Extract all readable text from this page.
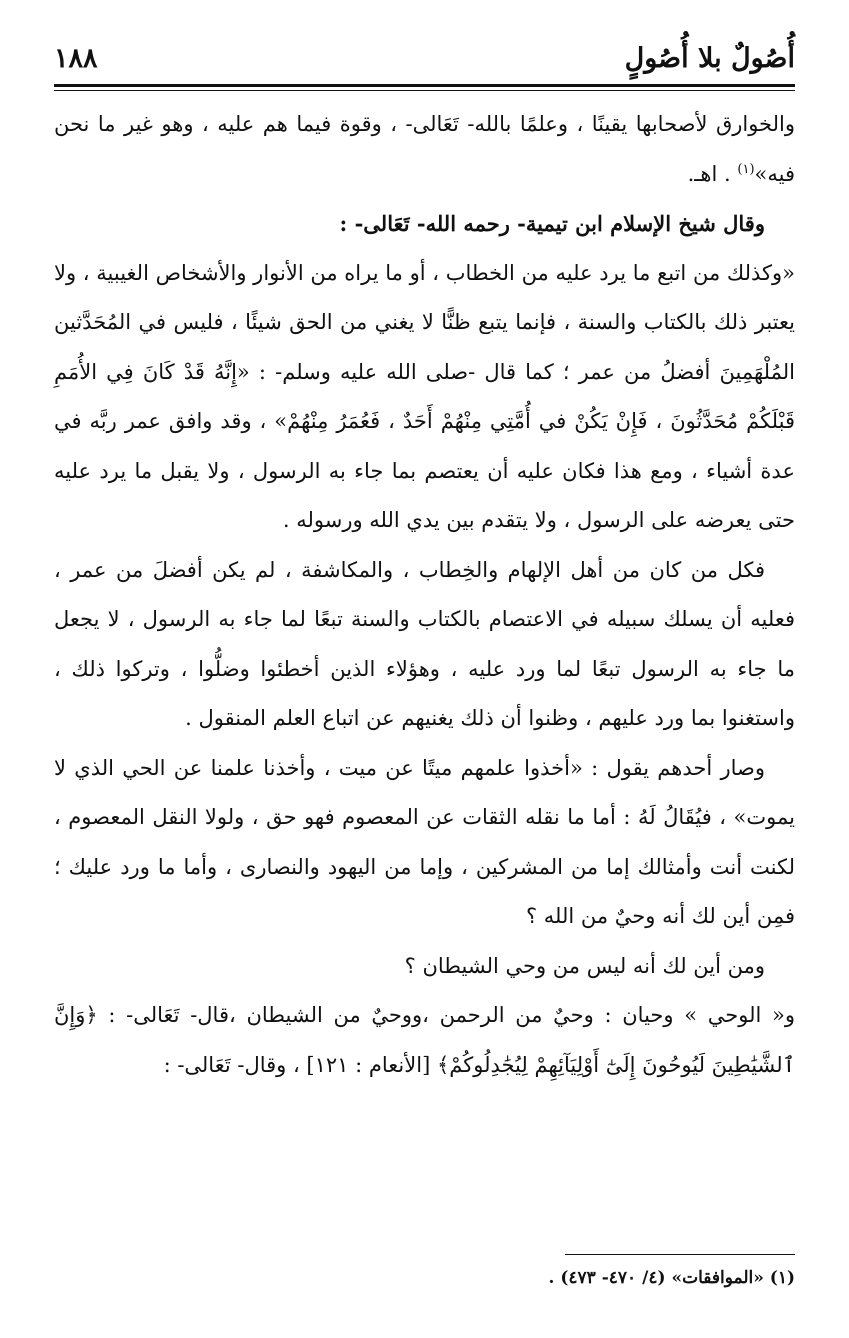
أُصُولٌ بلا أُصُولٍ
١٨٨

والخوارق لأصحابها يقينًا ، وعلمًا بالله- تَعَالى- ، وقوة فيما هم عليه ، وهو غير ما نحن فيه»$^{(١)}$ . اهـ.

وقال شيخ الإسلام ابن تيمية- رحمه الله- تَعَالى- :

«وكذلك من اتبع ما يرد عليه من الخطاب ، أو ما يراه من الأنوار والأشخاص الغيبية ، ولا يعتبر ذلك بالكتاب والسنة ، فإنما يتبع ظنًّا لا يغني من الحق شيئًا ، فليس في المُحَدَّثين المُلْهَمِينَ أفضلُ من عمر ؛ كما قال -صلى الله عليه وسلم- : «إِنَّهُ قَدْ كَانَ فِي الأُمَمِ قَبْلَكُمْ مُحَدَّثُونَ ، فَإِنْ يَكُنْ في أُمَّتِي مِنْهُمْ أَحَدٌ ، فَعُمَرُ مِنْهُمْ» ، وقد وافق عمر ربَّه في عدة أشياء ، ومع هذا فكان عليه أن يعتصم بما جاء به الرسول ، ولا يقبل ما يرد عليه حتى يعرضه على الرسول ، ولا يتقدم بين يدي الله ورسوله .

فكل من كان من أهل الإلهام والخِطاب ، والمكاشفة ، لم يكن أفضلَ من عمر ، فعليه أن يسلك سبيله في الاعتصام بالكتاب والسنة تبعًا لما جاء به الرسول ، لا يجعل ما جاء به الرسول تبعًا لما ورد عليه ، وهؤلاء الذين أخطئوا وضلُّوا ، وتركوا ذلك ، واستغنوا بما ورد عليهم ، وظنوا أن ذلك يغنيهم عن اتباع العلم المنقول .

وصار أحدهم يقول : «أخذوا علمهم ميتًا عن ميت ، وأخذنا علمنا عن الحي الذي لا يموت» ، فيُقَالُ لَهُ : أما ما نقله الثقات عن المعصوم فهو حق ، ولولا النقل المعصوم ، لكنت أنت وأمثالك إما من المشركين ، وإما من اليهود والنصارى ، وأما ما ورد عليك ؛ فمِن أين لك أنه وحيٌ من الله ؟

ومن أين لك أنه ليس من وحي الشيطان ؟

و« الوحي » وحيان : وحيٌ من الرحمن ،ووحيٌ من الشيطان ،قال- تَعَالى- : ﴿وَإِنَّ ٱلشَّيَٰطِينَ لَيُوحُونَ إِلَىٰٓ أَوْلِيَآئِهِمْ لِيُجَٰدِلُوكُمْ﴾ [الأنعام : ١٢١] ، وقال- تَعَالى- :

(١) «الموافقات» (٤/ ٤٧٠- ٤٧٣) .
